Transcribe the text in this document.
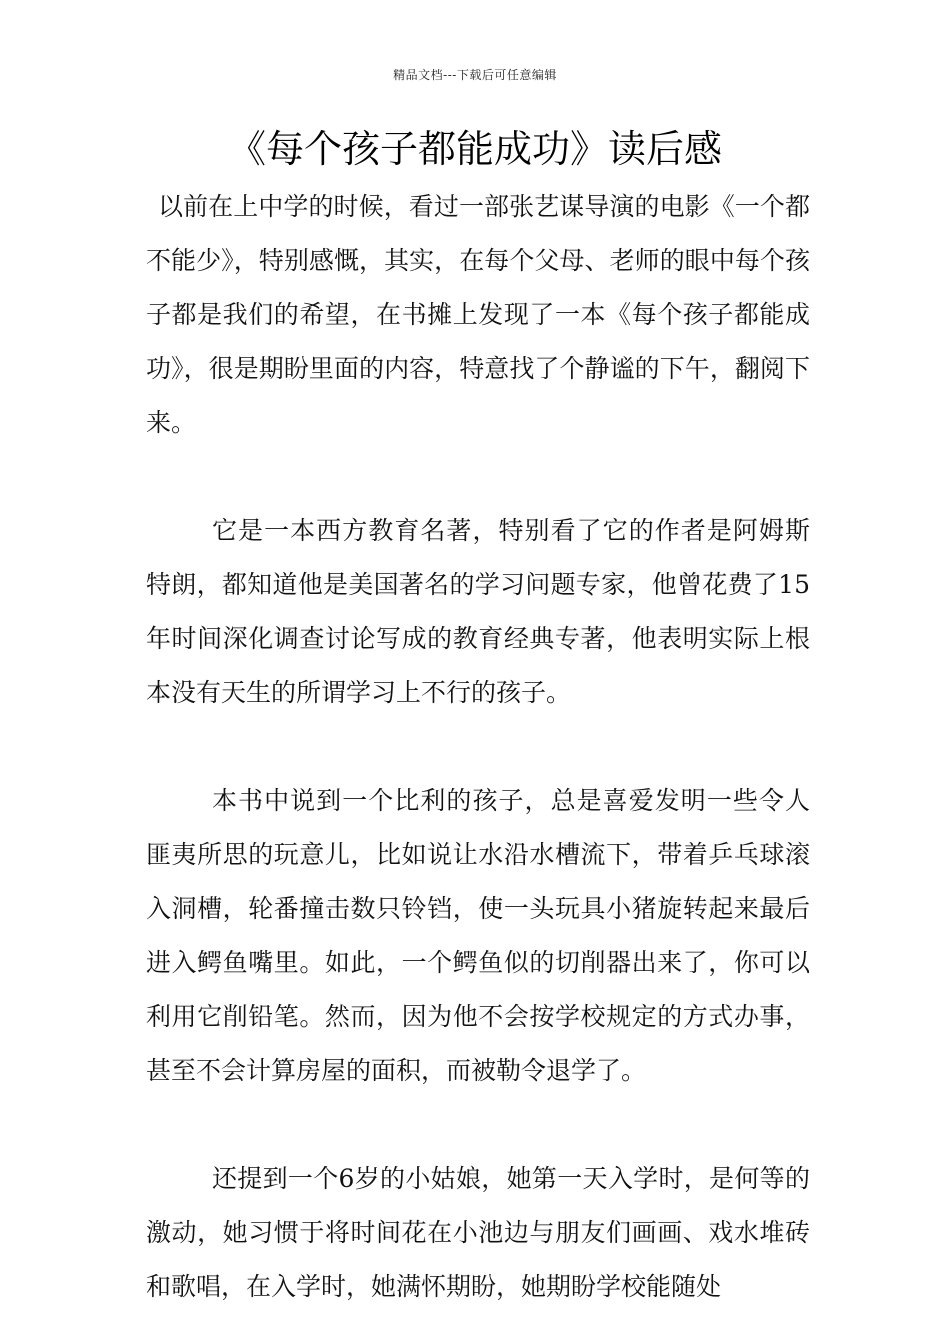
精品文档---下载后可任意编辑
《每个孩子都能成功》读后感

以前在上中学的时候，看过一部张艺谋导演的电影《一个都不能少》，特别感慨，其实，在每个父母、老师的眼中每个孩子都是我们的希望，在书摊上发现了一本《每个孩子都能成功》，很是期盼里面的内容，特意找了个静谧的下午，翻阅下来。

它是一本西方教育名著，特别看了它的作者是阿姆斯特朗，都知道他是美国著名的学习问题专家，他曾花费了15年时间深化调查讨论写成的教育经典专著，他表明实际上根本没有天生的所谓学习上不行的孩子。

本书中说到一个比利的孩子，总是喜爱发明一些令人匪夷所思的玩意儿，比如说让水沿水槽流下，带着乒乓球滚入洞槽，轮番撞击数只铃铛，使一头玩具小猪旋转起来最后进入鳄鱼嘴里。如此，一个鳄鱼似的切削器出来了，你可以利用它削铅笔。然而，因为他不会按学校规定的方式办事，甚至不会计算房屋的面积，而被勒令退学了。

还提到一个6岁的小姑娘，她第一天入学时，是何等的激动，她习惯于将时间花在小池边与朋友们画画、戏水堆砖和歌唱，在入学时，她满怀期盼，她期盼学校能随处
